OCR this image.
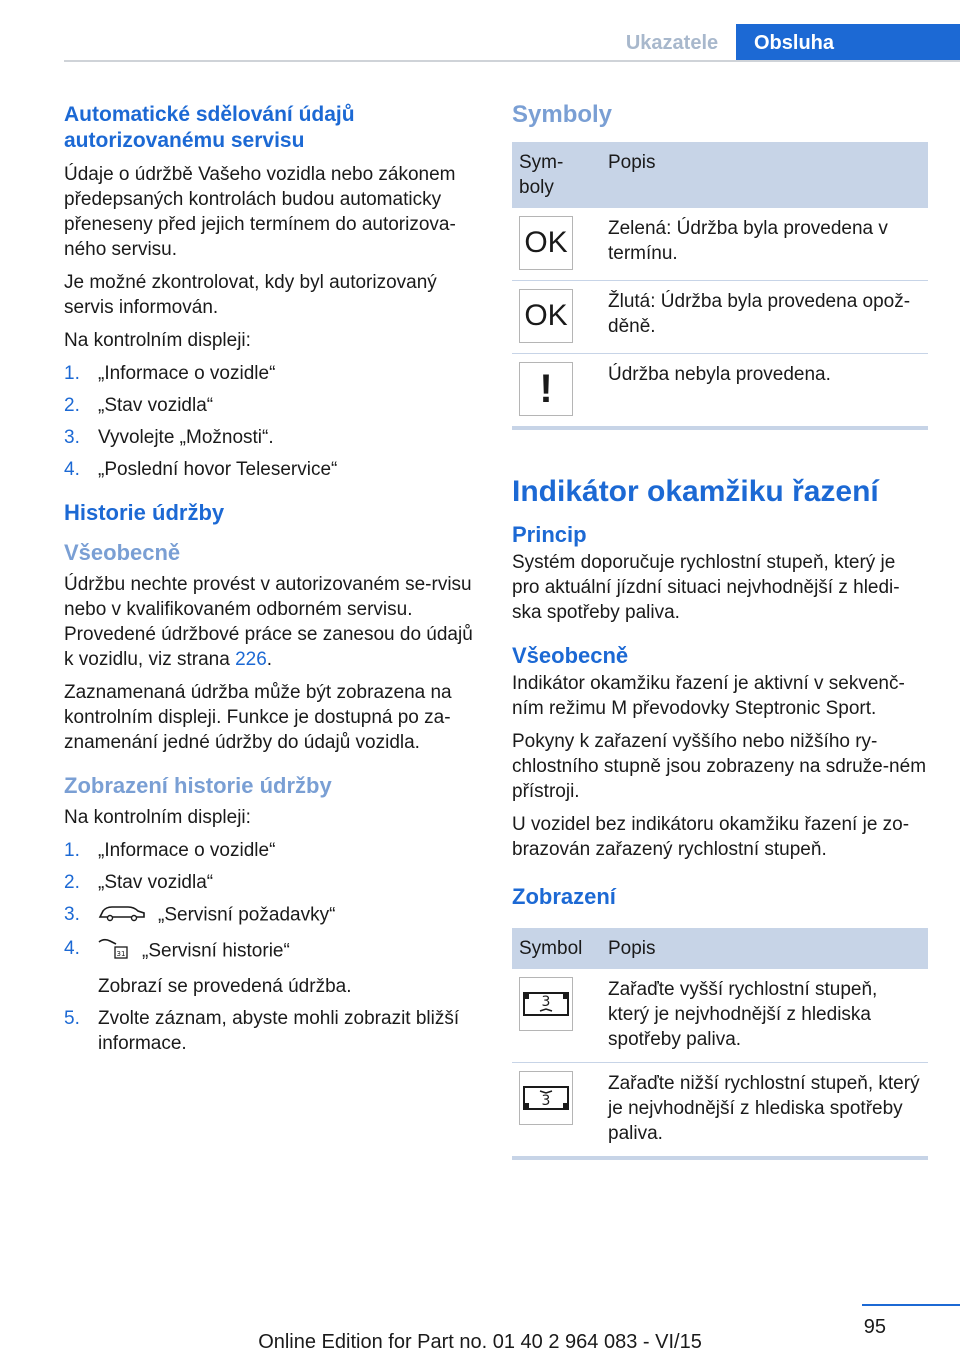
Ukazatele	Obsluha
Automatické sdělování údajů autorizovanému servisu

Údaje o údržbě Vašeho vozidla nebo zákonem předepsaných kontrolách budou automaticky přeneseny před jejich termínem do autorizova‐ného servisu.

Je možné zkontrolovat, kdy byl autorizovaný servis informován.

Na kontrolním displeji:

1. „Informace o vozidle“
2. „Stav vozidla“
3. Vyvolejte „Možnosti“.
4. „Poslední hovor Teleservice“
Historie údržby
Všeobecně

Údržbu nechte provést v autorizovaném se‐rvisu nebo v kvalifikovaném odborném servisu. Provedené údržbové práce se zanesou do údajů k vozidlu, viz strana 226.

Zaznamenaná údržba může být zobrazena na kontrolním displeji. Funkce je dostupná po za‐znamenání jedné údržby do údajů vozidla.

Zobrazení historie údržby

Na kontrolním displeji:

1. „Informace o vozidle“
2. „Stav vozidla“
3.	„Servisní požadavky“
4.	31 „Servisní historie“
Zobrazí se provedená údržba.
5. Zvolte záznam, abyste mohli zobrazit bližší informace.
Symboly
Sym‐
boly	Popis

OK	Zelená: Údržba byla provedena v termínu.

OK	Žlutá: Údržba byla provedena opož‐děně.

!	Údržba nebyla provedena.
Indikátor okamžiku řazení
Princip

Systém doporučuje rychlostní stupeň, který je pro aktuální jízdní situaci nejvhodnější z hledi‐ska spotřeby paliva.

Všeobecně

Indikátor okamžiku řazení je aktivní v sekvenč‐ním režimu M převodovky Steptronic Sport.

Pokyny k zařazení vyššího nebo nižšího ry‐chlostního stupně jsou zobrazeny na sdruže‐ném přístroji.

U vozidel bez indikátoru okamžiku řazení je zo‐brazován zařazený rychlostní stupeň.

Zobrazení
Symbol	Popis

3	Zařaďte vyšší rychlostní stupeň, který je nejvhodnější z hlediska spotřeby paliva.

3	Zařaďte nižší rychlostní stupeň, který je nejvhodnější z hlediska spotřeby paliva.
95
Online Edition for Part no. 01 40 2 964 083 - VI/15
